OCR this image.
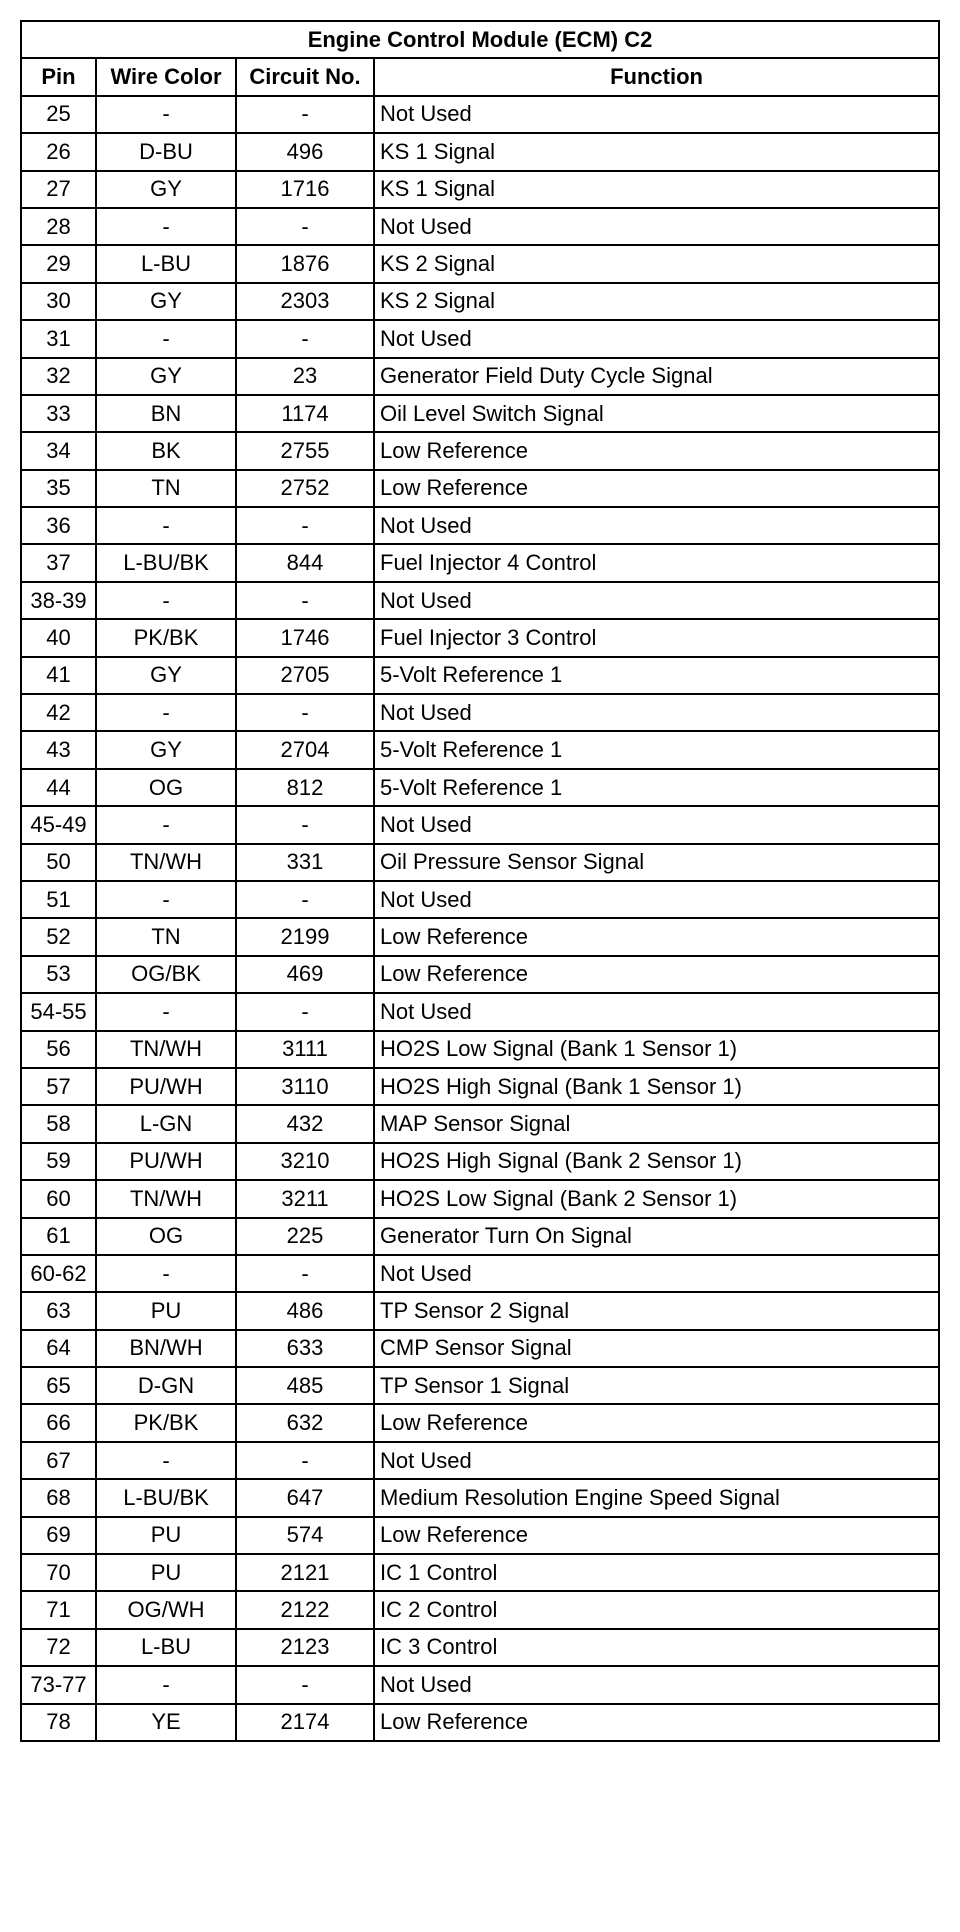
Engine Control Module (ECM) C2			
Pin	Wire Color	Circuit No.	Function
25	-	-	Not Used
26	D-BU	496	KS 1 Signal
27	GY	1716	KS 1 Signal
28	-	-	Not Used
29	L-BU	1876	KS 2 Signal
30	GY	2303	KS 2 Signal
31	-	-	Not Used
32	GY	23	Generator Field Duty Cycle Signal
33	BN	1174	Oil Level Switch Signal
34	BK	2755	Low Reference
35	TN	2752	Low Reference
36	-	-	Not Used
37	L-BU/BK	844	Fuel Injector 4 Control
38-39	-	-	Not Used
40	PK/BK	1746	Fuel Injector 3 Control
41	GY	2705	5-Volt Reference 1
42	-	-	Not Used
43	GY	2704	5-Volt Reference 1
44	OG	812	5-Volt Reference 1
45-49	-	-	Not Used
50	TN/WH	331	Oil Pressure Sensor Signal
51	-	-	Not Used
52	TN	2199	Low Reference
53	OG/BK	469	Low Reference
54-55	-	-	Not Used
56	TN/WH	3111	HO2S Low Signal (Bank 1 Sensor 1)
57	PU/WH	3110	HO2S High Signal (Bank 1 Sensor 1)
58	L-GN	432	MAP Sensor Signal
59	PU/WH	3210	HO2S High Signal (Bank 2 Sensor 1)
60	TN/WH	3211	HO2S Low Signal (Bank 2 Sensor 1)
61	OG	225	Generator Turn On Signal
60-62	-	-	Not Used
63	PU	486	TP Sensor 2 Signal
64	BN/WH	633	CMP Sensor Signal
65	D-GN	485	TP Sensor 1 Signal
66	PK/BK	632	Low Reference
67	-	-	Not Used
68	L-BU/BK	647	Medium Resolution Engine Speed Signal
69	PU	574	Low Reference
70	PU	2121	IC 1 Control
71	OG/WH	2122	IC 2 Control
72	L-BU	2123	IC 3 Control
73-77	-	-	Not Used
78	YE	2174	Low Reference
